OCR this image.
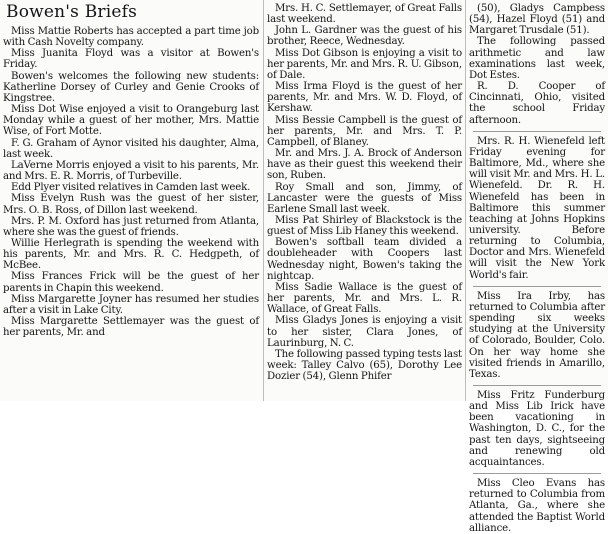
Bowen's Briefs

Miss Mattie Roberts has accepted a part time job with Cash Novelty company.

Miss Juanita Floyd was a visitor at Bowen's Friday.

Bowen's welcomes the following new students: Katherline Dorsey of Curley and Genie Crooks of Kingstree.

Miss Dot Wise enjoyed a visit to Orangeburg last Monday while a guest of her mother, Mrs. Mattie Wise, of Fort Motte.

F. G. Graham of Aynor visited his daughter, Alma, last week.

LaVerne Morris enjoyed a visit to his parents, Mr. and Mrs. E. R. Morris, of Turbeville.

Edd Plyer visited relatives in Camden last week.

Miss Evelyn Rush was the guest of her sister, Mrs. O. B. Ross, of Dillon last weekend.

Mrs. P. M. Oxford has just returned from Atlanta, where she was the guest of friends.

Willie Herlegrath is spending the weekend with his parents, Mr. and Mrs. R. C. Hedgpeth, of McBee.

Miss Frances Frick will be the guest of her parents in Chapin this weekend.

Miss Margarette Joyner has resumed her studies after a visit in Lake City.

Miss Margarette Settlemayer was the guest of her parents, Mr. and

Mrs. H. C. Settlemayer, of Great Falls last weekend.

John L. Gardner was the guest of his brother, Reece, Wednesday.

Miss Dot Gibson is enjoying a visit to her parents, Mr. and Mrs. R. U. Gibson, of Dale.

Miss Irma Floyd is the guest of her parents, Mr. and Mrs. W. D. Floyd, of Kershaw.

Miss Bessie Campbell is the guest of her parents, Mr. and Mrs. T. P. Campbell, of Blaney.

Mr. and Mrs. J. A. Brock of Anderson have as their guest this weekend their son, Ruben.

Roy Small and son, Jimmy, of Lancaster were the guests of Miss Earlene Small last week.

Miss Pat Shirley of Blackstock is the guest of Miss Lib Haney this weekend.

Bowen's softball team divided a doubleheader with Coopers last Wednesday night, Bowen's taking the nightcap.

Miss Sadie Wallace is the guest of her parents, Mr. and Mrs. L. R. Wallace, of Great Falls.

Miss Gladys Jones is enjoying a visit to her sister, Clara Jones, of Laurinburg, N. C.

The following passed typing tests last week: Talley Calvo (65), Dorothy Lee Dozier (54), Glenn Phifer

(50), Gladys Campbess (54), Hazel Floyd (51) and Margaret Trusdale (51).

The following passed arithmetic and law examinations last week, Dot Estes.

R. D. Cooper of Cincinnati, Ohio, visited the school Friday afternoon.

Mrs. R. H. Wienefeld left Friday evening for Baltimore, Md., where she will visit Mr. and Mrs. H. L. Wienefeld. Dr. R. H. Wienefeld has been in Baltimore this summer teaching at Johns Hopkins university. Before returning to Columbia, Doctor and Mrs. Wienefeld will visit the New York World's fair.

Miss Ira Irby, has returned to Columbia after spending six weeks studying at the University of Colorado, Boulder, Colo. On her way home she visited friends in Amarillo, Texas.

Miss Fritz Funderburg and Miss Lib Irick have been vacationing in Washington, D. C., for the past ten days, sightseeing and renewing old acquaintances.

Miss Cleo Evans has returned to Columbia from Atlanta, Ga., where she attended the Baptist World alliance.
